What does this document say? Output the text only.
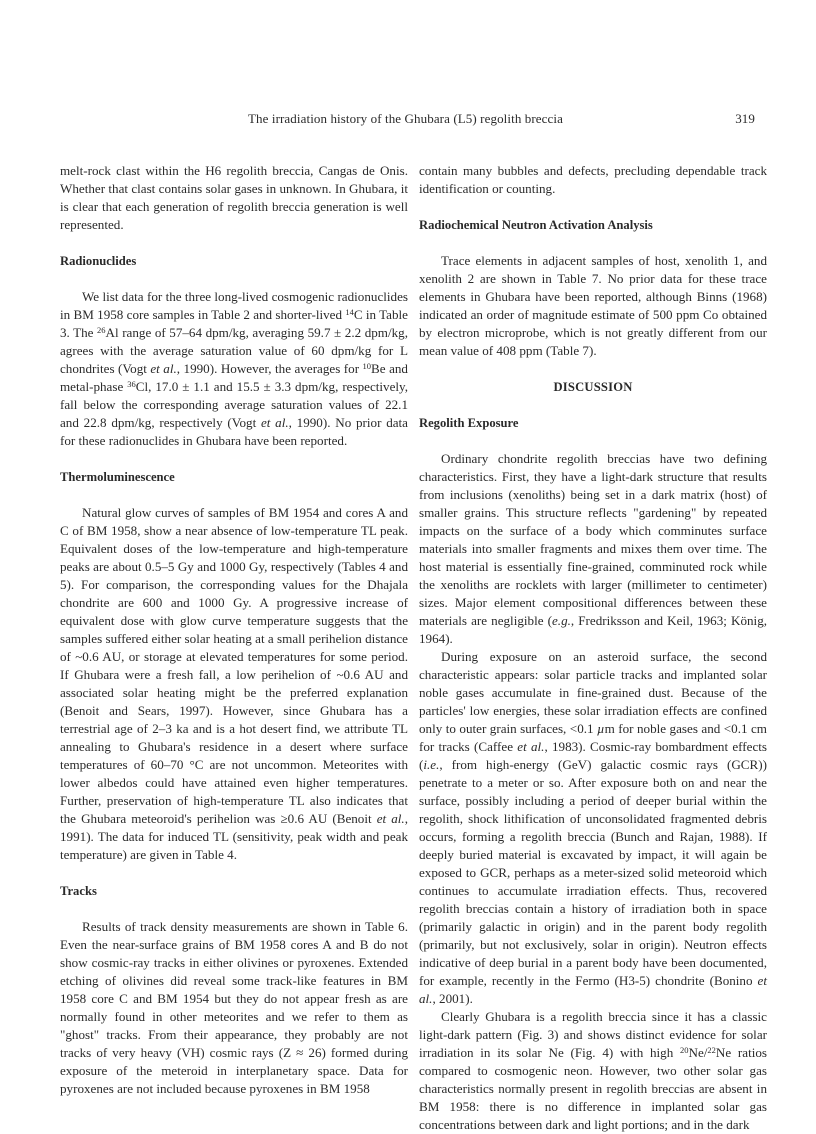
The irradiation history of the Ghubara (L5) regolith breccia	319

melt-rock clast within the H6 regolith breccia, Cangas de Onis. Whether that clast contains solar gases in unknown. In Ghubara, it is clear that each generation of regolith breccia generation is well represented.

Radionuclides

We list data for the three long-lived cosmogenic radionuclides in BM 1958 core samples in Table 2 and shorter-lived $^{14}$C in Table 3. The $^{26}$Al range of 57–64 dpm/kg, averaging 59.7 ± 2.2 dpm/kg, agrees with the average saturation value of 60 dpm/kg for L chondrites (Vogt et al., 1990). However, the averages for $^{10}$Be and metal-phase $^{36}$Cl, 17.0 ± 1.1 and 15.5 ± 3.3 dpm/kg, respectively, fall below the corresponding average saturation values of 22.1 and 22.8 dpm/kg, respectively (Vogt et al., 1990). No prior data for these radionuclides in Ghubara have been reported.

Thermoluminescence

Natural glow curves of samples of BM 1954 and cores A and C of BM 1958, show a near absence of low-temperature TL peak. Equivalent doses of the low-temperature and high-temperature peaks are about 0.5–5 Gy and 1000 Gy, respectively (Tables 4 and 5). For comparison, the corresponding values for the Dhajala chondrite are 600 and 1000 Gy. A progressive increase of equivalent dose with glow curve temperature suggests that the samples suffered either solar heating at a small perihelion distance of ~0.6 AU, or storage at elevated temperatures for some period. If Ghubara were a fresh fall, a low perihelion of ~0.6 AU and associated solar heating might be the preferred explanation (Benoit and Sears, 1997). However, since Ghubara has a terrestrial age of 2–3 ka and is a hot desert find, we attribute TL annealing to Ghubara's residence in a desert where surface temperatures of 60–70 °C are not uncommon. Meteorites with lower albedos could have attained even higher temperatures. Further, preservation of high-temperature TL also indicates that the Ghubara meteoroid's perihelion was ≥0.6 AU (Benoit et al., 1991). The data for induced TL (sensitivity, peak width and peak temperature) are given in Table 4.

Tracks

Results of track density measurements are shown in Table 6. Even the near-surface grains of BM 1958 cores A and B do not show cosmic-ray tracks in either olivines or pyroxenes. Extended etching of olivines did reveal some track-like features in BM 1958 core C and BM 1954 but they do not appear fresh as are normally found in other meteorites and we refer to them as "ghost" tracks. From their appearance, they probably are not tracks of very heavy (VH) cosmic rays (Z ≈ 26) formed during exposure of the meteroid in interplanetary space. Data for pyroxenes are not included because pyroxenes in BM 1958

contain many bubbles and defects, precluding dependable track identification or counting.

Radiochemical Neutron Activation Analysis

Trace elements in adjacent samples of host, xenolith 1, and xenolith 2 are shown in Table 7. No prior data for these trace elements in Ghubara have been reported, although Binns (1968) indicated an order of magnitude estimate of 500 ppm Co obtained by electron microprobe, which is not greatly different from our mean value of 408 ppm (Table 7).

DISCUSSION
Regolith Exposure

Ordinary chondrite regolith breccias have two defining characteristics. First, they have a light-dark structure that results from inclusions (xenoliths) being set in a dark matrix (host) of smaller grains. This structure reflects "gardening" by repeated impacts on the surface of a body which comminutes surface materials into smaller fragments and mixes them over time. The host material is essentially fine-grained, comminuted rock while the xenoliths are rocklets with larger (millimeter to centimeter) sizes. Major element compositional differences between these materials are negligible (e.g., Fredriksson and Keil, 1963; König, 1964).

During exposure on an asteroid surface, the second characteristic appears: solar particle tracks and implanted solar noble gases accumulate in fine-grained dust. Because of the particles' low energies, these solar irradiation effects are confined only to outer grain surfaces, <0.1 µm for noble gases and <0.1 cm for tracks (Caffee et al., 1983). Cosmic-ray bombardment effects (i.e., from high-energy (GeV) galactic cosmic rays (GCR)) penetrate to a meter or so. After exposure both on and near the surface, possibly including a period of deeper burial within the regolith, shock lithification of unconsolidated fragmented debris occurs, forming a regolith breccia (Bunch and Rajan, 1988). If deeply buried material is excavated by impact, it will again be exposed to GCR, perhaps as a meter-sized solid meteoroid which continues to accumulate irradiation effects. Thus, recovered regolith breccias contain a history of irradiation both in space (primarily galactic in origin) and in the parent body regolith (primarily, but not exclusively, solar in origin). Neutron effects indicative of deep burial in a parent body have been documented, for example, recently in the Fermo (H3-5) chondrite (Bonino et al., 2001).

Clearly Ghubara is a regolith breccia since it has a classic light-dark pattern (Fig. 3) and shows distinct evidence for solar irradiation in its solar Ne (Fig. 4) with high $^{20}$Ne/$^{22}$Ne ratios compared to cosmogenic neon. However, two other solar gas characteristics normally present in regolith breccias are absent in BM 1958: there is no difference in implanted solar gas concentrations between dark and light portions; and in the dark
